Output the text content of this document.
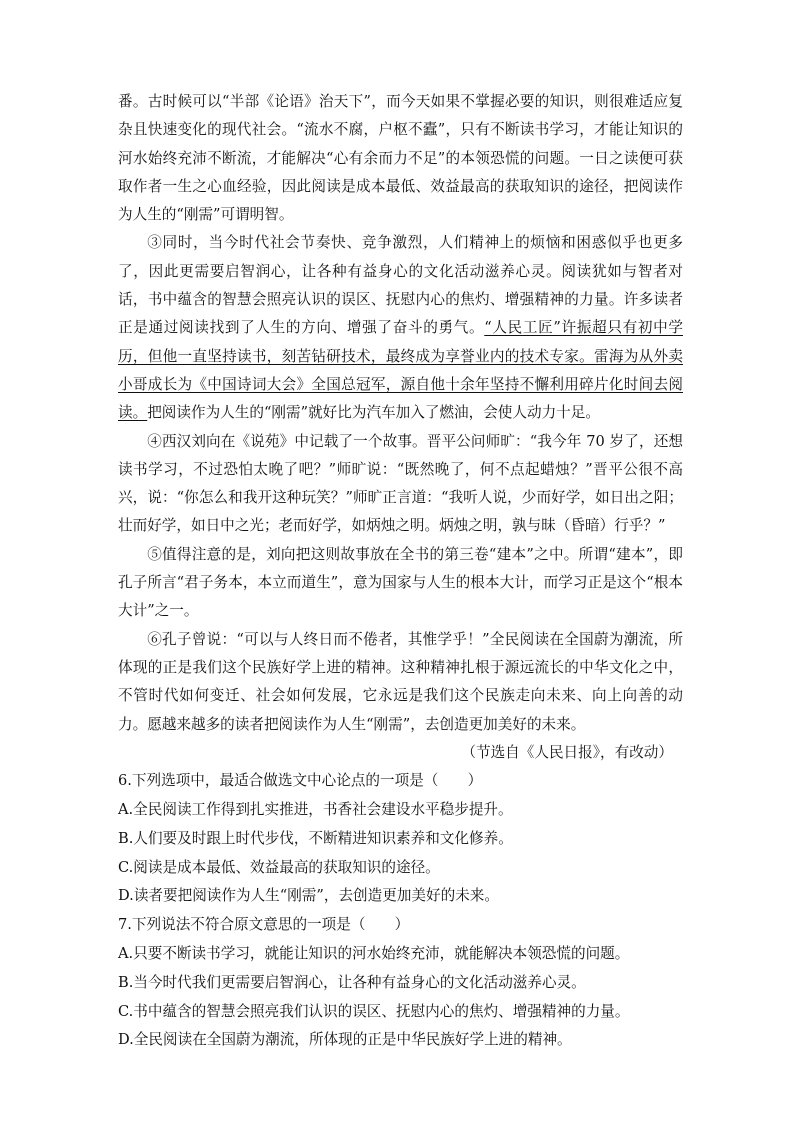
番。古时候可以“半部《论语》治天下”，而今天如果不掌握必要的知识，则很难适应复杂且快速变化的现代社会。“流水不腐，户枢不蠹”，只有不断读书学习，才能让知识的河水始终充沛不断流，才能解决“心有余而力不足”的本领恐慌的问题。一日之读便可获取作者一生之心血经验，因此阅读是成本最低、效益最高的获取知识的途径，把阅读作为人生的“刚需”可谓明智。

③同时，当今时代社会节奏快、竞争激烈，人们精神上的烦恼和困惑似乎也更多了，因此更需要启智润心，让各种有益身心的文化活动滋养心灵。阅读犹如与智者对话，书中蕴含的智慧会照亮认识的误区、抚慰内心的焦灼、增强精神的力量。许多读者正是通过阅读找到了人生的方向、增强了奋斗的勇气。“人民工匠”许振超只有初中学历，但他一直坚持读书，刻苦钻研技术，最终成为享誉业内的技术专家。雷海为从外卖小哥成长为《中国诗词大会》全国总冠军，源自他十余年坚持不懈利用碎片化时间去阅读。把阅读作为人生的“刚需”就好比为汽车加入了燃油，会使人动力十足。

④西汉刘向在《说苑》中记载了一个故事。晋平公问师旷：“我今年 70 岁了，还想读书学习，不过恐怕太晚了吧？”师旷说：“既然晚了，何不点起蜡烛？”晋平公很不高兴，说：“你怎么和我开这种玩笑？”师旷正言道：“我听人说，少而好学，如日出之阳；壮而好学，如日中之光；老而好学，如炳烛之明。炳烛之明，孰与昧（昏暗）行乎？”

⑤值得注意的是，刘向把这则故事放在全书的第三卷“建本”之中。所谓“建本”，即孔子所言“君子务本，本立而道生”，意为国家与人生的根本大计，而学习正是这个“根本大计”之一。

⑥孔子曾说：“可以与人终日而不倦者，其惟学乎！”全民阅读在全国蔚为潮流，所体现的正是我们这个民族好学上进的精神。这种精神扎根于源远流长的中华文化之中，不管时代如何变迁、社会如何发展，它永远是我们这个民族走向未来、向上向善的动力。愿越来越多的读者把阅读作为人生“刚需”，去创造更加美好的未来。

（节选自《人民日报》，有改动）

6.下列选项中，最适合做选文中心论点的一项是（　　）

A.全民阅读工作得到扎实推进，书香社会建设水平稳步提升。

B.人们要及时跟上时代步伐，不断精进知识素养和文化修养。

C.阅读是成本最低、效益最高的获取知识的途径。

D.读者要把阅读作为人生“刚需”，去创造更加美好的未来。

7.下列说法不符合原文意思的一项是（　　）

A.只要不断读书学习，就能让知识的河水始终充沛，就能解决本领恐慌的问题。

B.当今时代我们更需要启智润心，让各种有益身心的文化活动滋养心灵。

C.书中蕴含的智慧会照亮我们认识的误区、抚慰内心的焦灼、增强精神的力量。

D.全民阅读在全国蔚为潮流，所体现的正是中华民族好学上进的精神。
